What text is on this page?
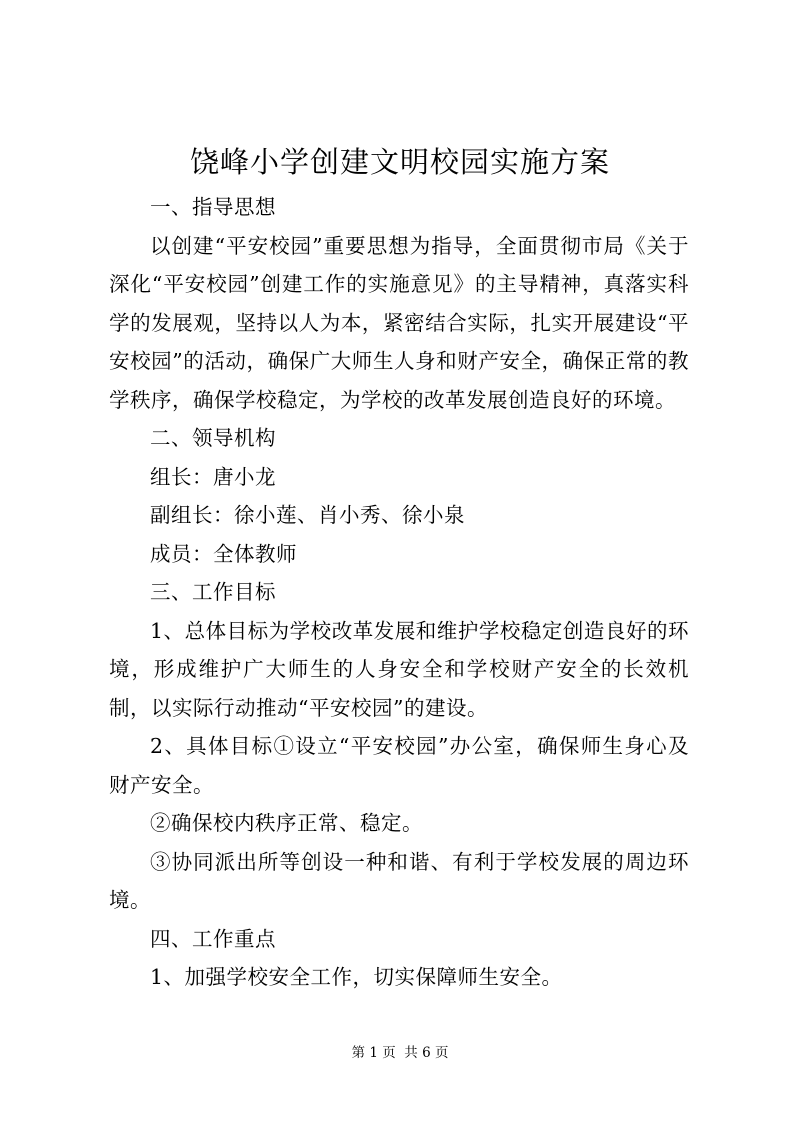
饶峰小学创建文明校园实施方案

一、指导思想

以创建“平安校园”重要思想为指导，全面贯彻市局《关于深化“平安校园”创建工作的实施意见》的主导精神，真落实科学的发展观，坚持以人为本，紧密结合实际，扎实开展建设“平安校园”的活动，确保广大师生人身和财产安全，确保正常的教学秩序，确保学校稳定，为学校的改革发展创造良好的环境。

二、领导机构

组长：唐小龙

副组长：徐小莲、肖小秀、徐小泉

成员：全体教师

三、工作目标

1、总体目标为学校改革发展和维护学校稳定创造良好的环境，形成维护广大师生的人身安全和学校财产安全的长效机制，以实际行动推动“平安校园”的建设。

2、具体目标①设立“平安校园”办公室，确保师生身心及财产安全。

②确保校内秩序正常、稳定。

③协同派出所等创设一种和谐、有利于学校发展的周边环境。

四、工作重点

1、加强学校安全工作，切实保障师生安全。

第 1 页  共 6 页
